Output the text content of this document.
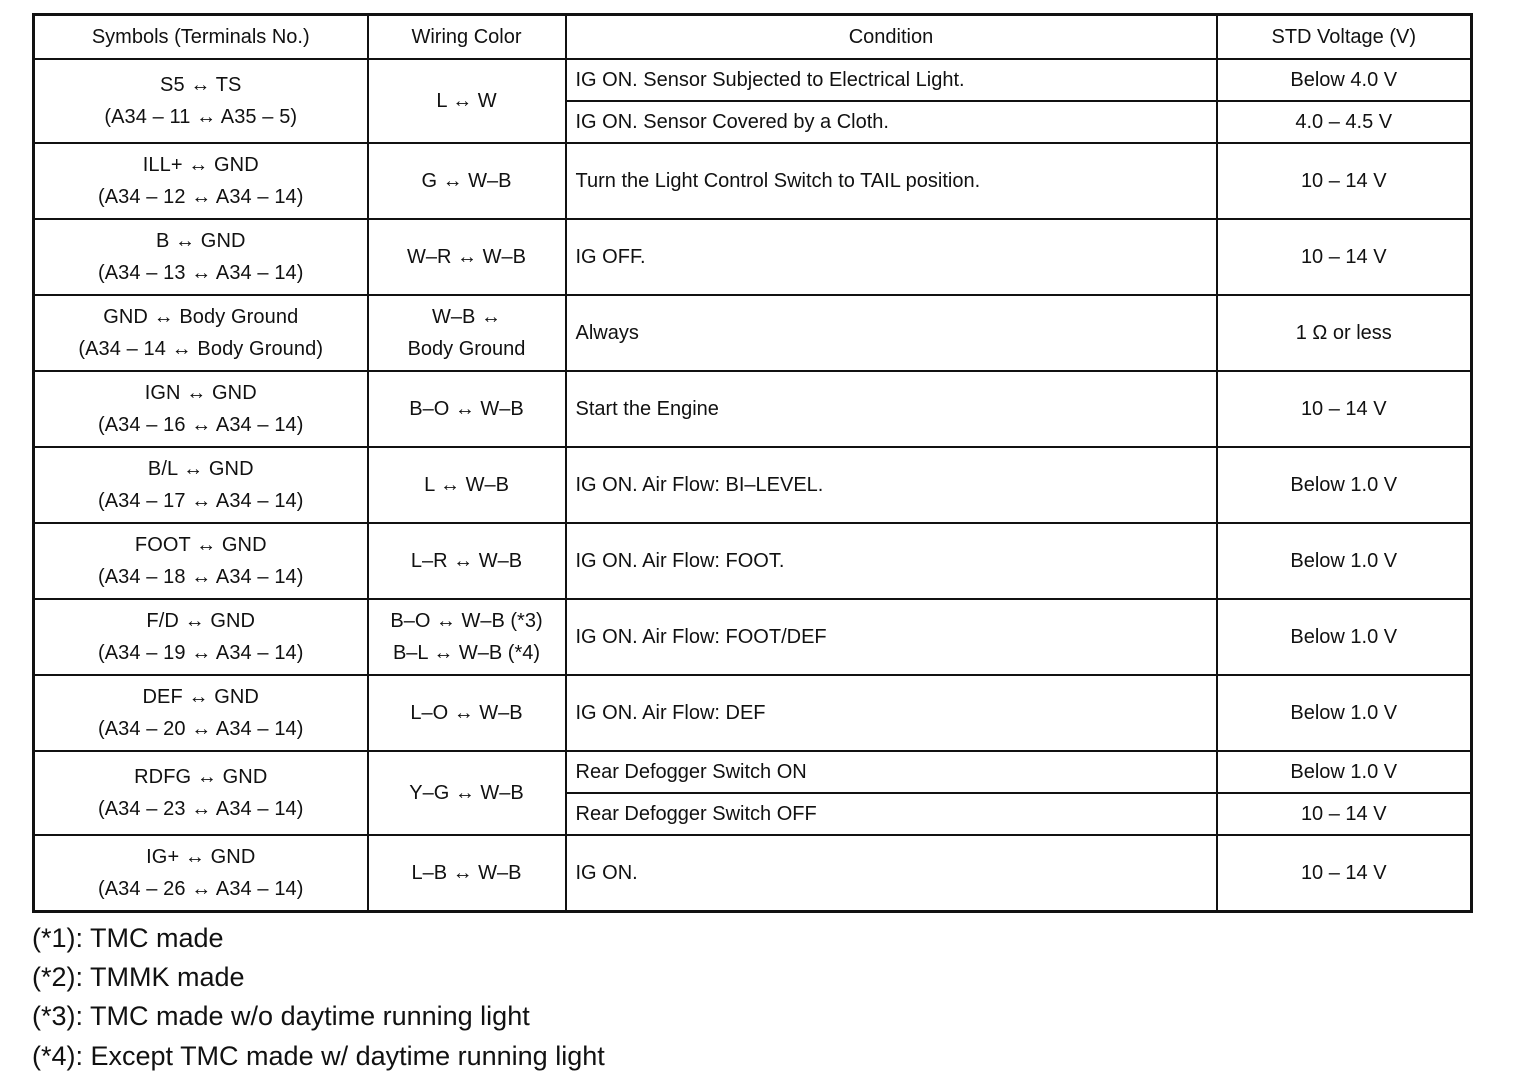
Symbols (Terminals No.)	Wiring Color	Condition	STD Voltage (V)

S5 ↔ TS
(A34 – 11 ↔ A35 – 5)	L ↔ W	IG ON. Sensor Subjected to Electrical Light.	Below 4.0 V
		IG ON. Sensor Covered by a Cloth.	4.0 – 4.5 V

ILL+ ↔ GND
(A34 – 12 ↔ A34 – 14)	G ↔ W–B	Turn the Light Control Switch to TAIL position.	10 – 14 V

B ↔ GND
(A34 – 13 ↔ A34 – 14)	W–R ↔ W–B	IG OFF.	10 – 14 V

GND ↔ Body Ground
(A34 – 14 ↔ Body Ground)	W–B ↔
Body Ground	Always	1 Ω or less

IGN ↔ GND
(A34 – 16 ↔ A34 – 14)	B–O ↔ W–B	Start the Engine	10 – 14 V

B/L ↔ GND
(A34 – 17 ↔ A34 – 14)	L ↔ W–B	IG ON. Air Flow: BI–LEVEL.	Below 1.0 V

FOOT ↔ GND
(A34 – 18 ↔ A34 – 14)	L–R ↔ W–B	IG ON. Air Flow: FOOT.	Below 1.0 V

F/D ↔ GND
(A34 – 19 ↔ A34 – 14)	B–O ↔ W–B (*3)
B–L ↔ W–B (*4)	IG ON. Air Flow: FOOT/DEF	Below 1.0 V

DEF ↔ GND
(A34 – 20 ↔ A34 – 14)	L–O ↔ W–B	IG ON. Air Flow: DEF	Below 1.0 V

RDFG ↔ GND
(A34 – 23 ↔ A34 – 14)	Y–G ↔ W–B	Rear Defogger Switch ON	Below 1.0 V
		Rear Defogger Switch OFF	10 – 14 V

IG+ ↔ GND
(A34 – 26 ↔ A34 – 14)	L–B ↔ W–B	IG ON.	10 – 14 V
(*1): TMC made
(*2): TMMK made
(*3): TMC made w/o daytime running light
(*4): Except TMC made w/ daytime running light
